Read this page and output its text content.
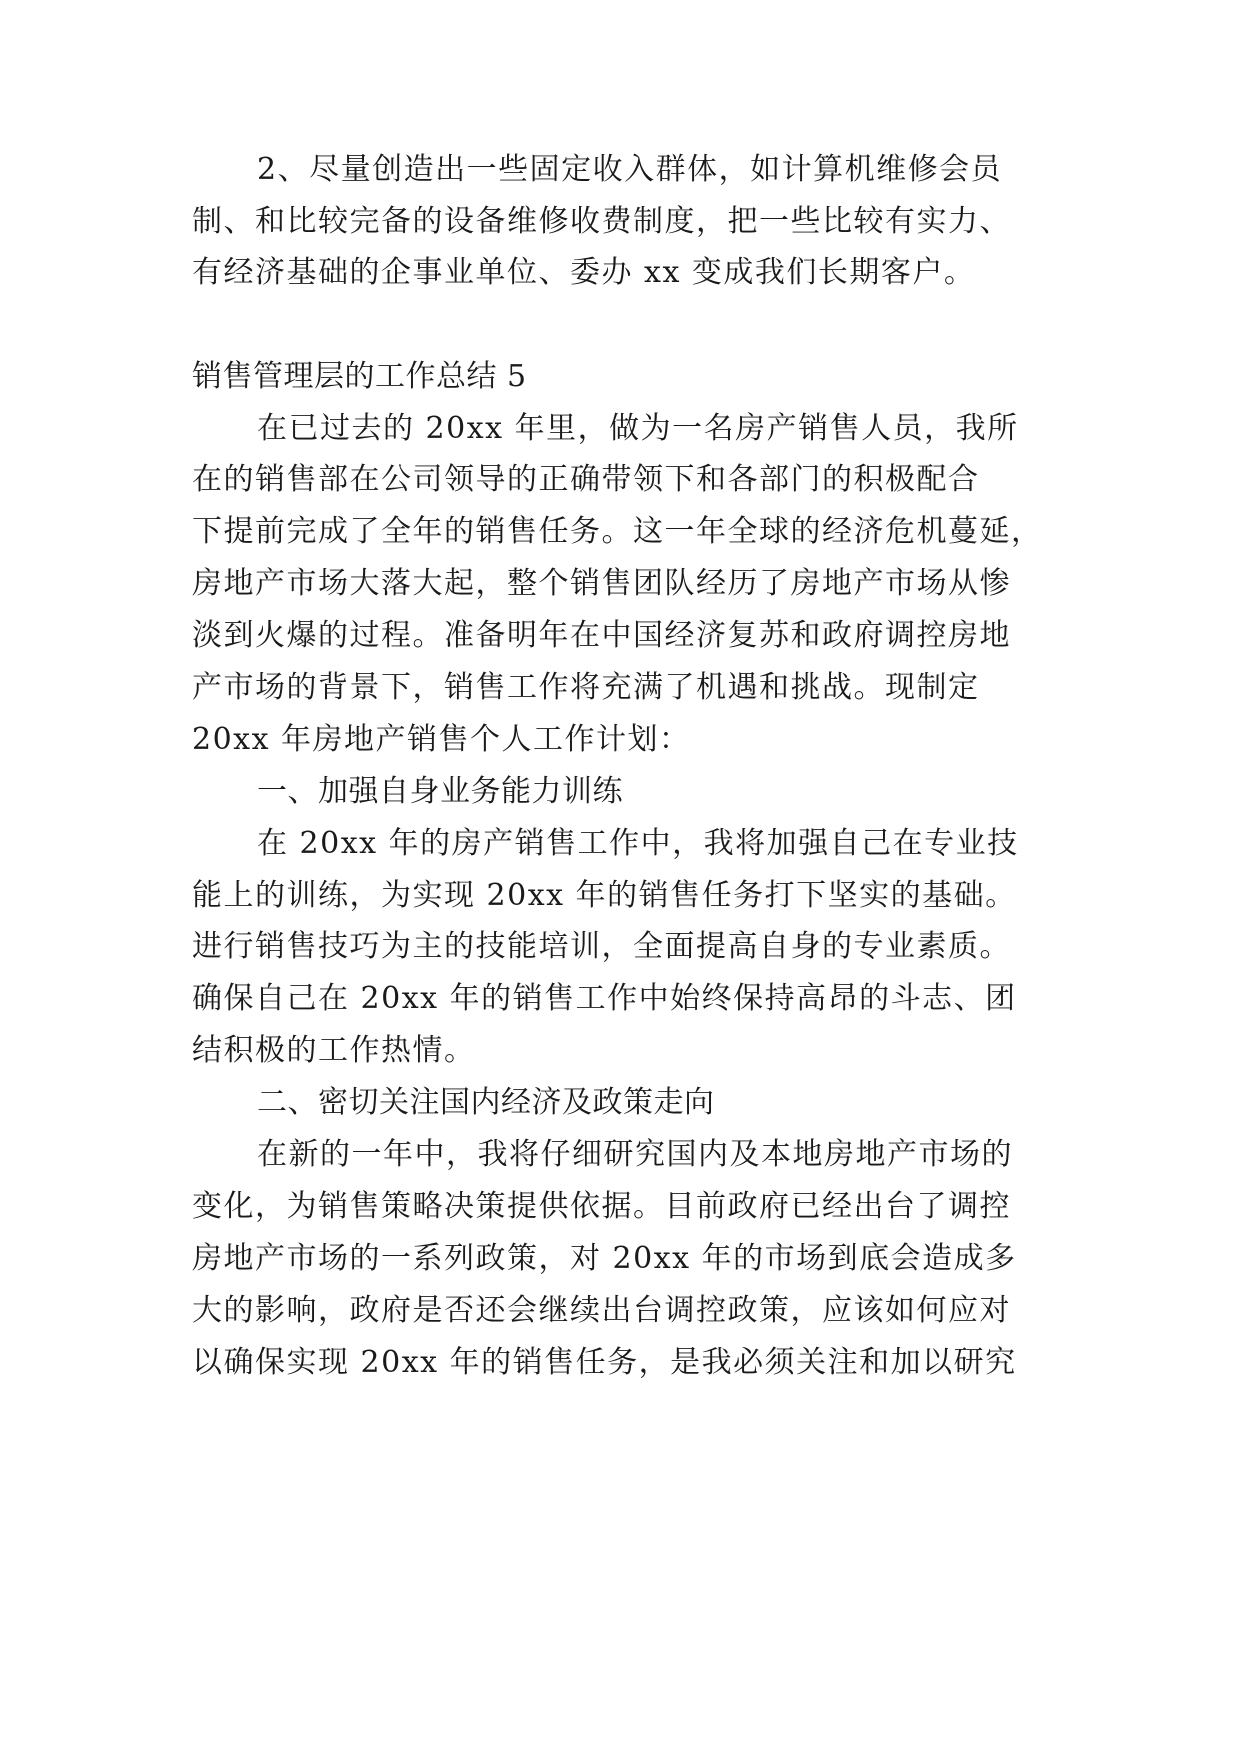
2、尽量创造出一些固定收入群体，如计算机维修会员
制、和比较完备的设备维修收费制度，把一些比较有实力、
有经济基础的企事业单位、委办 xx 变成我们长期客户。
销售管理层的工作总结 5
在已过去的 20xx 年里，做为一名房产销售人员，我所
在的销售部在公司领导的正确带领下和各部门的积极配合
下提前完成了全年的销售任务。这一年全球的经济危机蔓延，
房地产市场大落大起，整个销售团队经历了房地产市场从惨
淡到火爆的过程。准备明年在中国经济复苏和政府调控房地
产市场的背景下，销售工作将充满了机遇和挑战。现制定
20xx 年房地产销售个人工作计划：
一、加强自身业务能力训练
在 20xx 年的房产销售工作中，我将加强自己在专业技
能上的训练，为实现 20xx 年的销售任务打下坚实的基础。
进行销售技巧为主的技能培训，全面提高自身的专业素质。
确保自己在 20xx 年的销售工作中始终保持高昂的斗志、团
结积极的工作热情。
二、密切关注国内经济及政策走向
在新的一年中，我将仔细研究国内及本地房地产市场的
变化，为销售策略决策提供依据。目前政府已经出台了调控
房地产市场的一系列政策，对 20xx 年的市场到底会造成多
大的影响，政府是否还会继续出台调控政策，应该如何应对
以确保实现 20xx 年的销售任务，是我必须关注和加以研究
